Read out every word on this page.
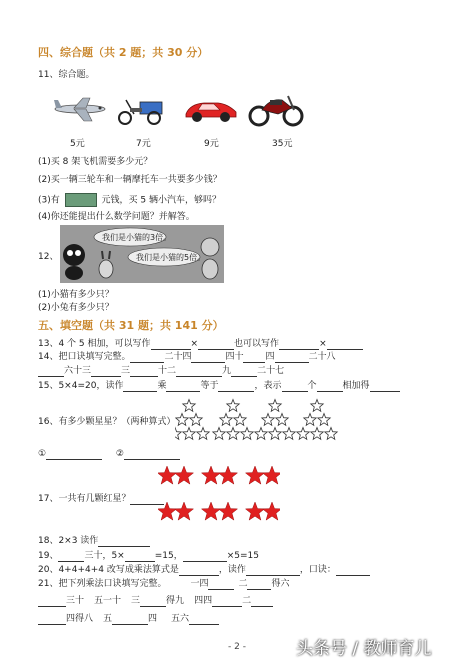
四、综合题（共 2 题；共 30 分）
11、综合题。
5元	7元	9元	35元
(1)买 8 架飞机需要多少元？
(2)买一辆三轮车和一辆摩托车一共要多少钱？
(3)有	元钱，买 5 辆小汽车，够吗？
(4)你还能提出什么数学问题？并解答。
12、
我们是小猫的3倍。
我们是小猫的5倍。
(1)小猫有多少只？
(2)小兔有多少只？
五、填空题（共 31 题；共 141 分）
13、4 个 5 相加，可以写作	×	也可以写作	×
14、把口诀填写完整。	二十四	四十 四	二十八
六十三	三	十二	九	二十七
15、5×4=20，读作	乘	等于	，表示	个	相加得
16、有多少颗星星？（两种算式）
①	②
17、一共有几颗红星？
18、2×3 读作
19、	三十，5×	=15，	×5=15
20、4+4+4+4 改写成乘法算式是	，读作	，口诀：
21、把下列乘法口诀填写完整。	一四	二	得六
三十 五一十 三	得九 四四	二
四得八 五	四 五六
- 2 -	头条号 / 教师育儿
